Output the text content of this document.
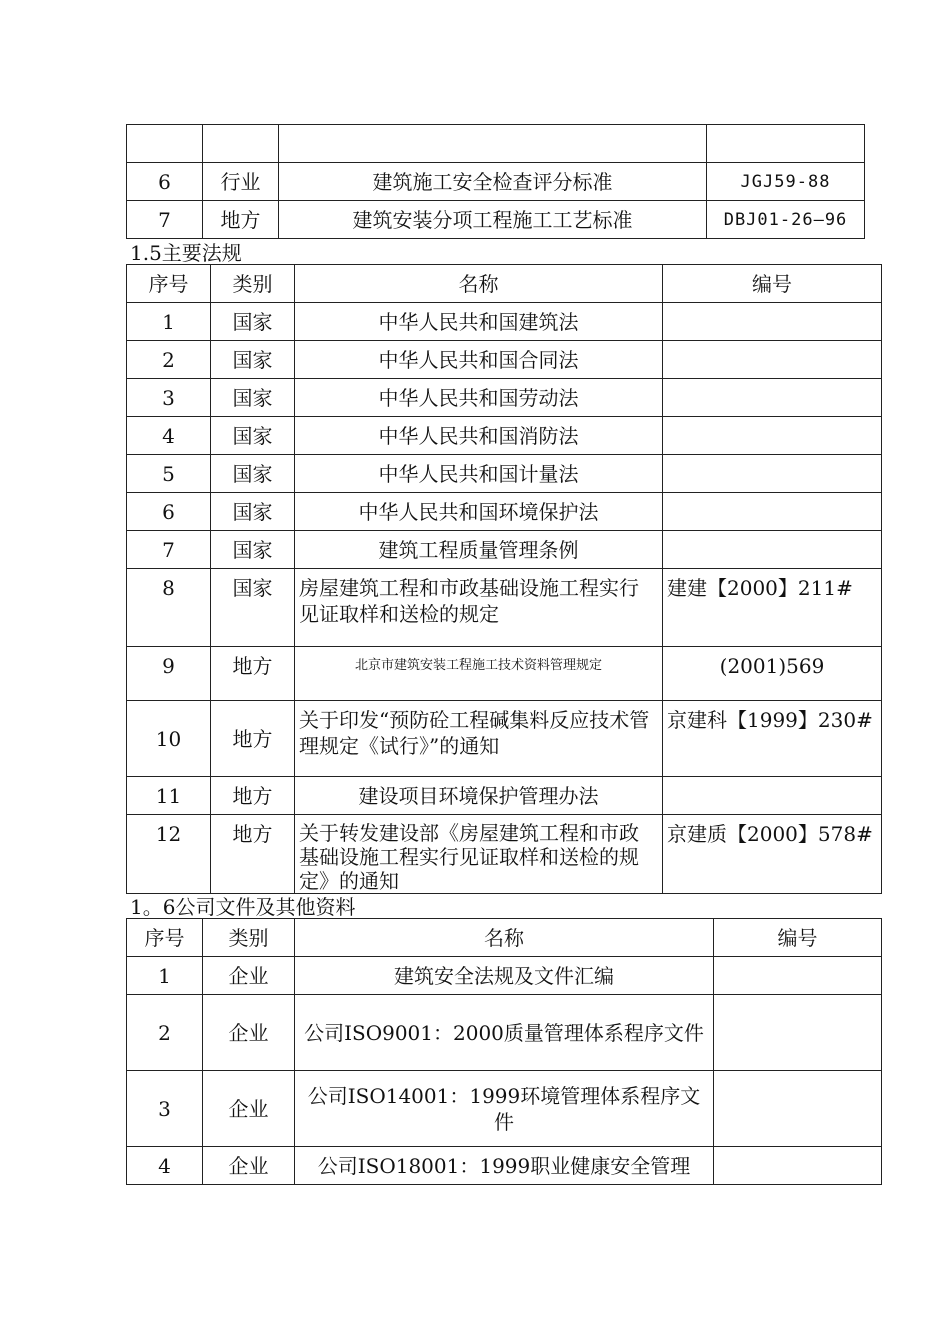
6	行业	建筑施工安全检查评分标准	JGJ59-88
7	地方	建筑安装分项工程施工工艺标准	DBJ01-26—96
1.5主要法规
序号	类别	名称	编号
1	国家	中华人民共和国建筑法	
2	国家	中华人民共和国合同法	
3	国家	中华人民共和国劳动法	
4	国家	中华人民共和国消防法	
5	国家	中华人民共和国计量法	
6	国家	中华人民共和国环境保护法	
7	国家	建筑工程质量管理条例	
8	国家	房屋建筑工程和市政基础设施工程实行见证取样和送检的规定	建建【2000】211#
9	地方	北京市建筑安装工程施工技术资料管理规定	(2001)569
10	地方	关于印发“预防砼工程碱集料反应技术管理规定《试行》”的通知	京建科【1999】230#
11	地方	建设项目环境保护管理办法	
12	地方	关于转发建设部《房屋建筑工程和市政基础设施工程实行见证取样和送检的规定》的通知	京建质【2000】578#
1。6公司文件及其他资料
序号	类别	名称	编号
1	企业	建筑安全法规及文件汇编	
2	企业	公司ISO9001：2000质量管理体系程序文件	
3	企业	公司ISO14001：1999环境管理体系程序文件	
4	企业	公司ISO18001：1999职业健康安全管理	
